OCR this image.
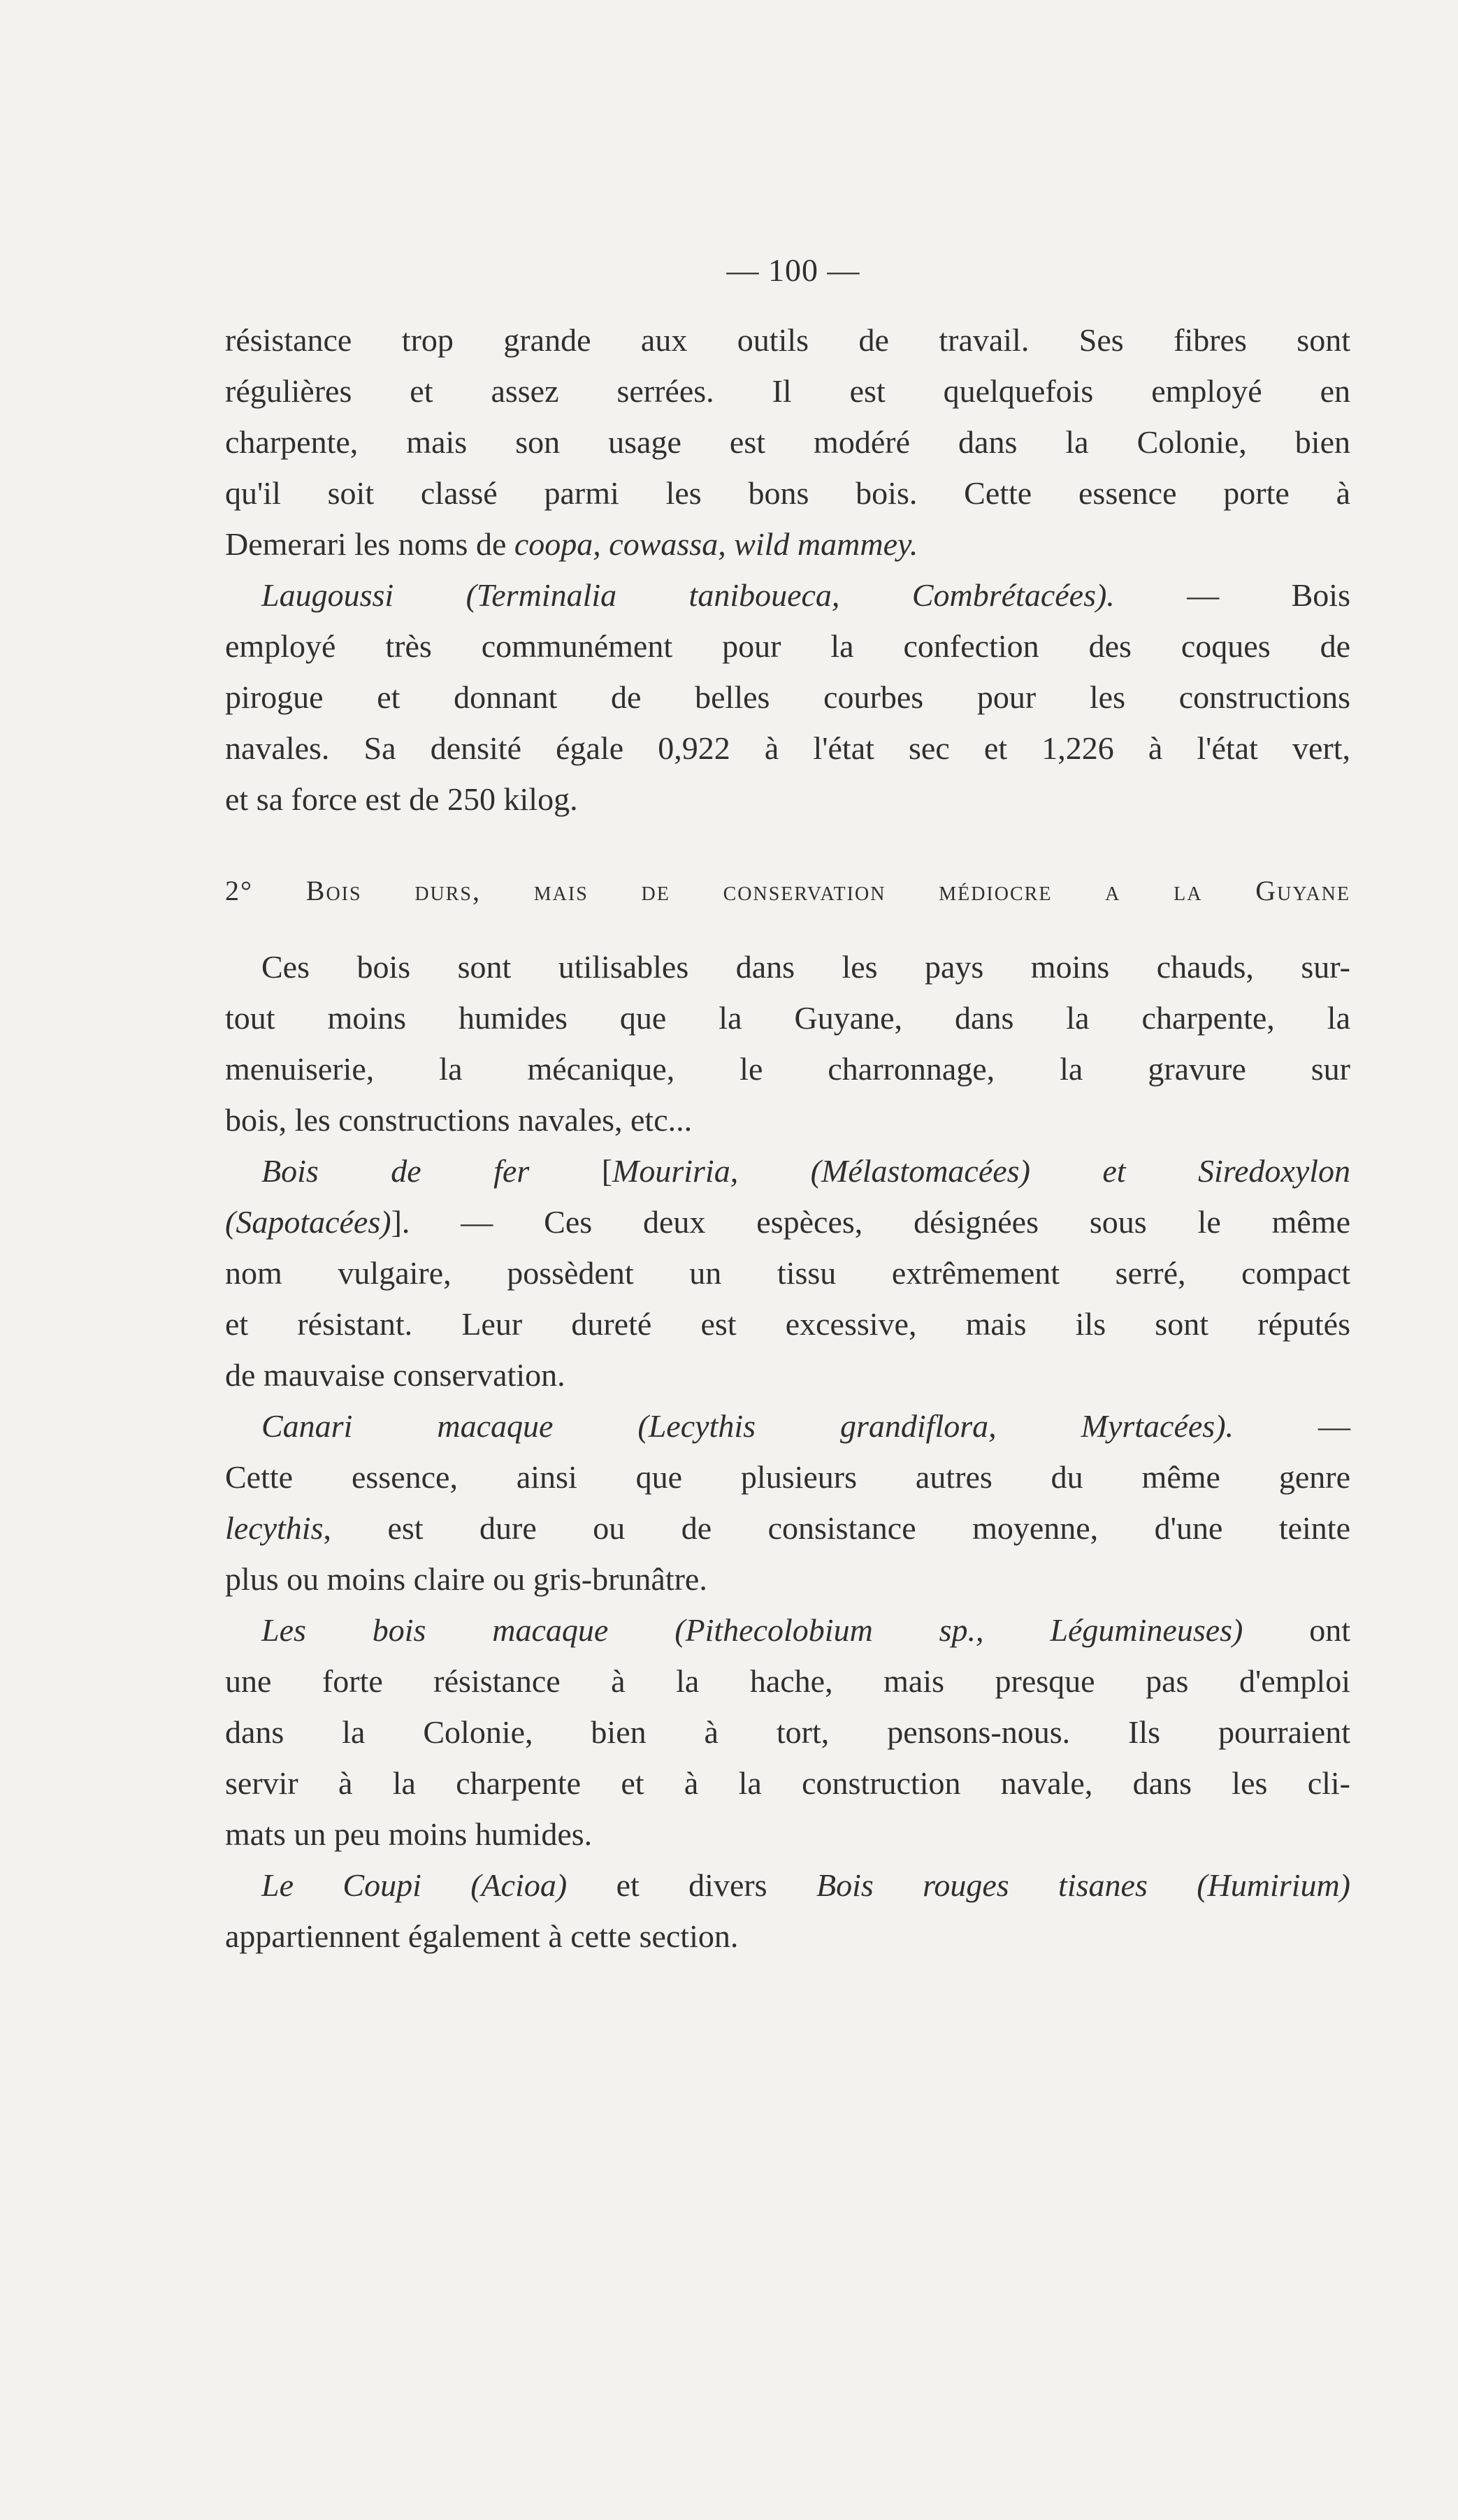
— 100 —

résistance trop grande aux outils de travail. Ses fibres sont

régulières et assez serrées. Il est quelquefois employé en

charpente, mais son usage est modéré dans la Colonie, bien

qu'il soit classé parmi les bons bois. Cette essence porte à

Demerari les noms de coopa, cowassa, wild mammey.

Laugoussi (Terminalia taniboueca, Combrétacées). — Bois

employé très communément pour la confection des coques de

pirogue et donnant de belles courbes pour les constructions

navales. Sa densité égale 0,922 à l'état sec et 1,226 à l'état vert,

et sa force est de 250 kilog.

2° Bois durs, mais de conservation médiocre a la Guyane

Ces bois sont utilisables dans les pays moins chauds, sur-

tout moins humides que la Guyane, dans la charpente, la

menuiserie, la mécanique, le charronnage, la gravure sur

bois, les constructions navales, etc...

Bois de fer [Mouriria, (Mélastomacées) et Siredoxylon

(Sapotacées)]. — Ces deux espèces, désignées sous le même

nom vulgaire, possèdent un tissu extrêmement serré, compact

et résistant. Leur dureté est excessive, mais ils sont réputés

de mauvaise conservation.

Canari macaque (Lecythis grandiflora, Myrtacées).	—

Cette essence, ainsi que plusieurs autres du même genre

lecythis, est dure ou de consistance moyenne, d'une teinte

plus ou moins claire ou gris-brunâtre.

Les bois macaque (Pithecolobium sp., Légumineuses) ont

une forte résistance à la hache, mais presque pas d'emploi

dans la Colonie, bien à tort, pensons-nous. Ils pourraient

servir à la charpente et à la construction navale, dans les cli-

mats un peu moins humides.

Le Coupi (Acioa) et divers Bois rouges tisanes (Humirium)

appartiennent également à cette section.
